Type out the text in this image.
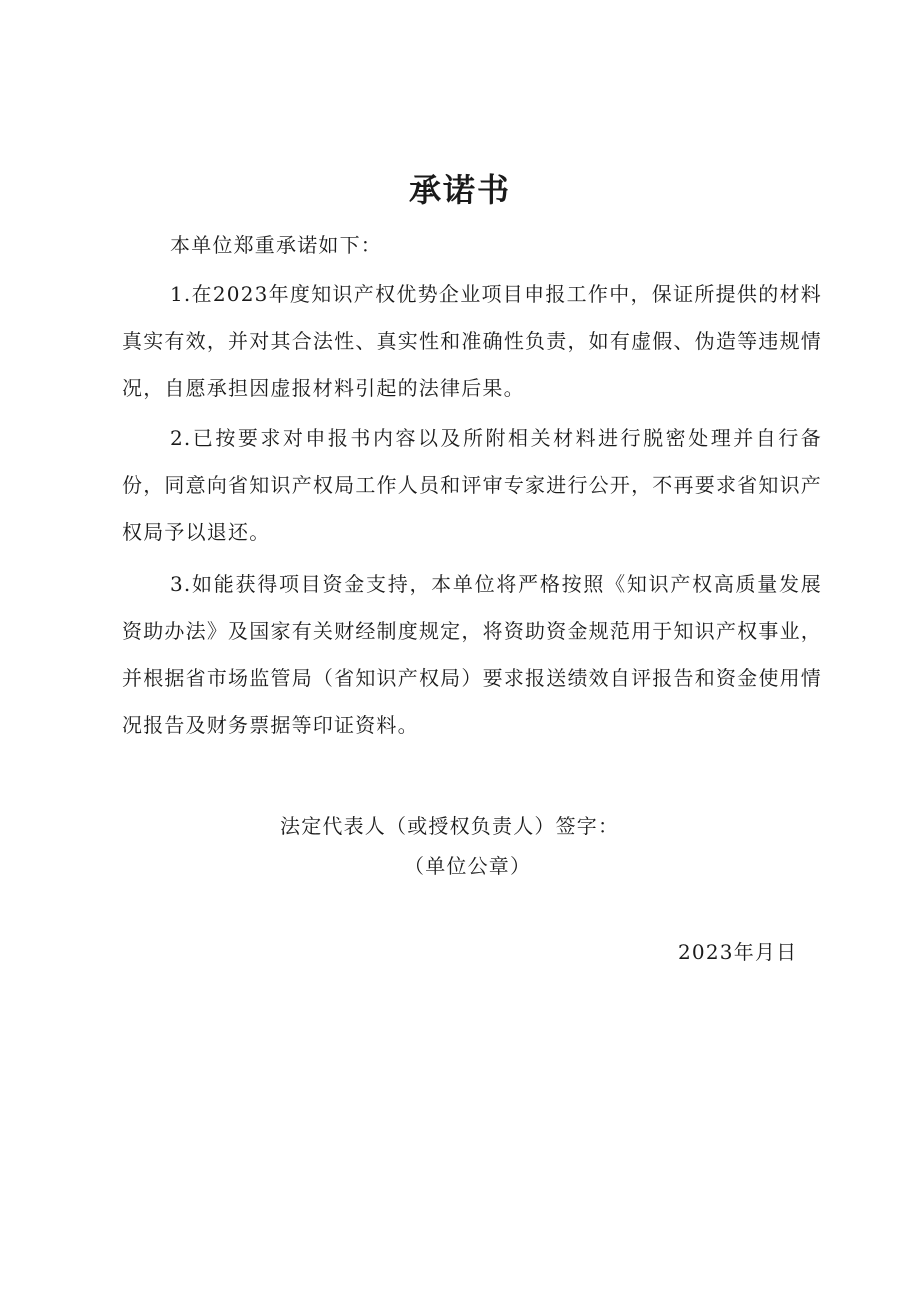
承诺书

本单位郑重承诺如下：

1.在2023年度知识产权优势企业项目申报工作中，保证所提供的材料真实有效，并对其合法性、真实性和准确性负责，如有虚假、伪造等违规情况，自愿承担因虚报材料引起的法律后果。

2.已按要求对申报书内容以及所附相关材料进行脱密处理并自行备份，同意向省知识产权局工作人员和评审专家进行公开，不再要求省知识产权局予以退还。

3.如能获得项目资金支持，本单位将严格按照《知识产权高质量发展资助办法》及国家有关财经制度规定，将资助资金规范用于知识产权事业，并根据省市场监管局（省知识产权局）要求报送绩效自评报告和资金使用情况报告及财务票据等印证资料。

法定代表人（或授权负责人）签字：
（单位公章）
2023年月日
